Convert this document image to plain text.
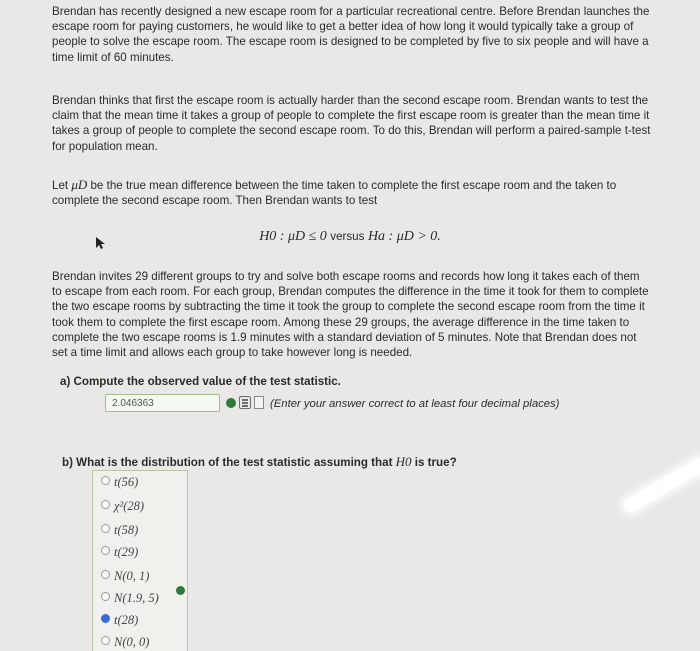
Brendan has recently designed a new escape room for a particular recreational centre. Before Brendan launches the escape room for paying customers, he would like to get a better idea of how long it would typically take a group of people to solve the escape room. The escape room is designed to be completed by five to six people and will have a time limit of 60 minutes.

Brendan thinks that first the escape room is actually harder than the second escape room. Brendan wants to test the claim that the mean time it takes a group of people to complete the first escape room is greater than the mean time it takes a group of people to complete the second escape room. To do this, Brendan will perform a paired-sample t-test for population mean.

Let μD be the true mean difference between the time taken to complete the first escape room and the taken to complete the second escape room. Then Brendan wants to test

H0 : μD ≤ 0 versus Ha : μD > 0.

Brendan invites 29 different groups to try and solve both escape rooms and records how long it takes each of them to escape from each room. For each group, Brendan computes the difference in the time it took for them to complete the two escape rooms by subtracting the time it took the group to complete the second escape room from the time it took them to complete the first escape room. Among these 29 groups, the average difference in the time taken to complete the two escape rooms is 1.9 minutes with a standard deviation of 5 minutes. Note that Brendan does not set a time limit and allows each group to take however long is needed.

a) Compute the observed value of the test statistic.
2.046363	(Enter your answer correct to at least four decimal places)
b) What is the distribution of the test statistic assuming that H0 is true?
t(56)
χ²(28)
t(58)
t(29)
N(0, 1)
N(1.9, 5)
t(28)
N(0, 0)
